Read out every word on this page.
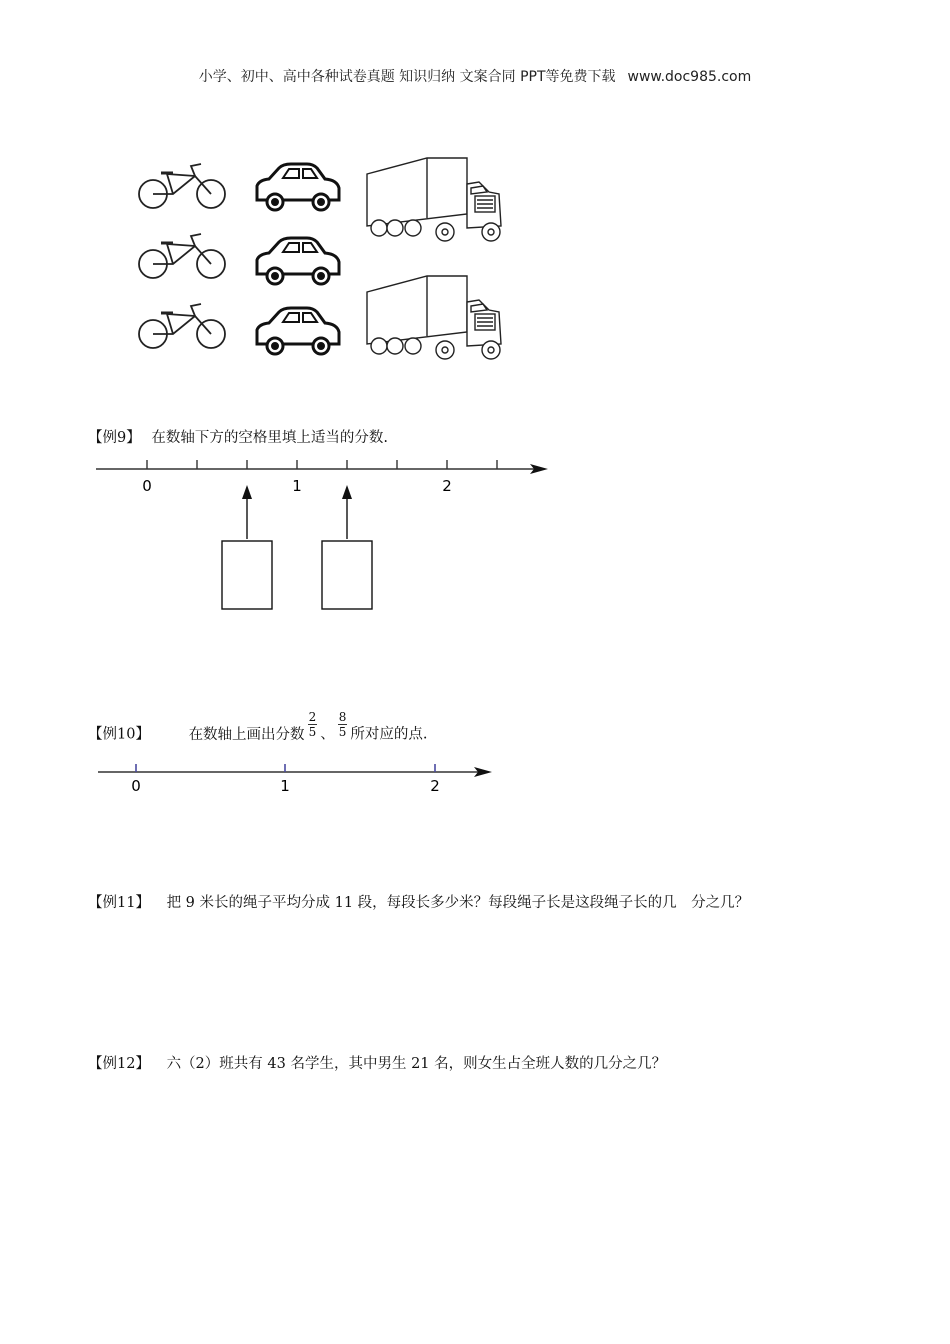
小学、初中、高中各种试卷真题 知识归纳 文案合同 PPT等免费下载 www.doc985.com
【例9】 在数轴下方的空格里填上适当的分数.
0	1	2
【例10】	在数轴上画出分数 $\frac{2}{5}$ 、 $\frac{8}{5}$ 所对应的点.
0	1	2
【例11】 把 9 米长的绳子平均分成 11 段，每段长多少米？每段绳子长是这段绳子长的几　分之几？
【例12】 六（2）班共有 43 名学生，其中男生 21 名，则女生占全班人数的几分之几？
